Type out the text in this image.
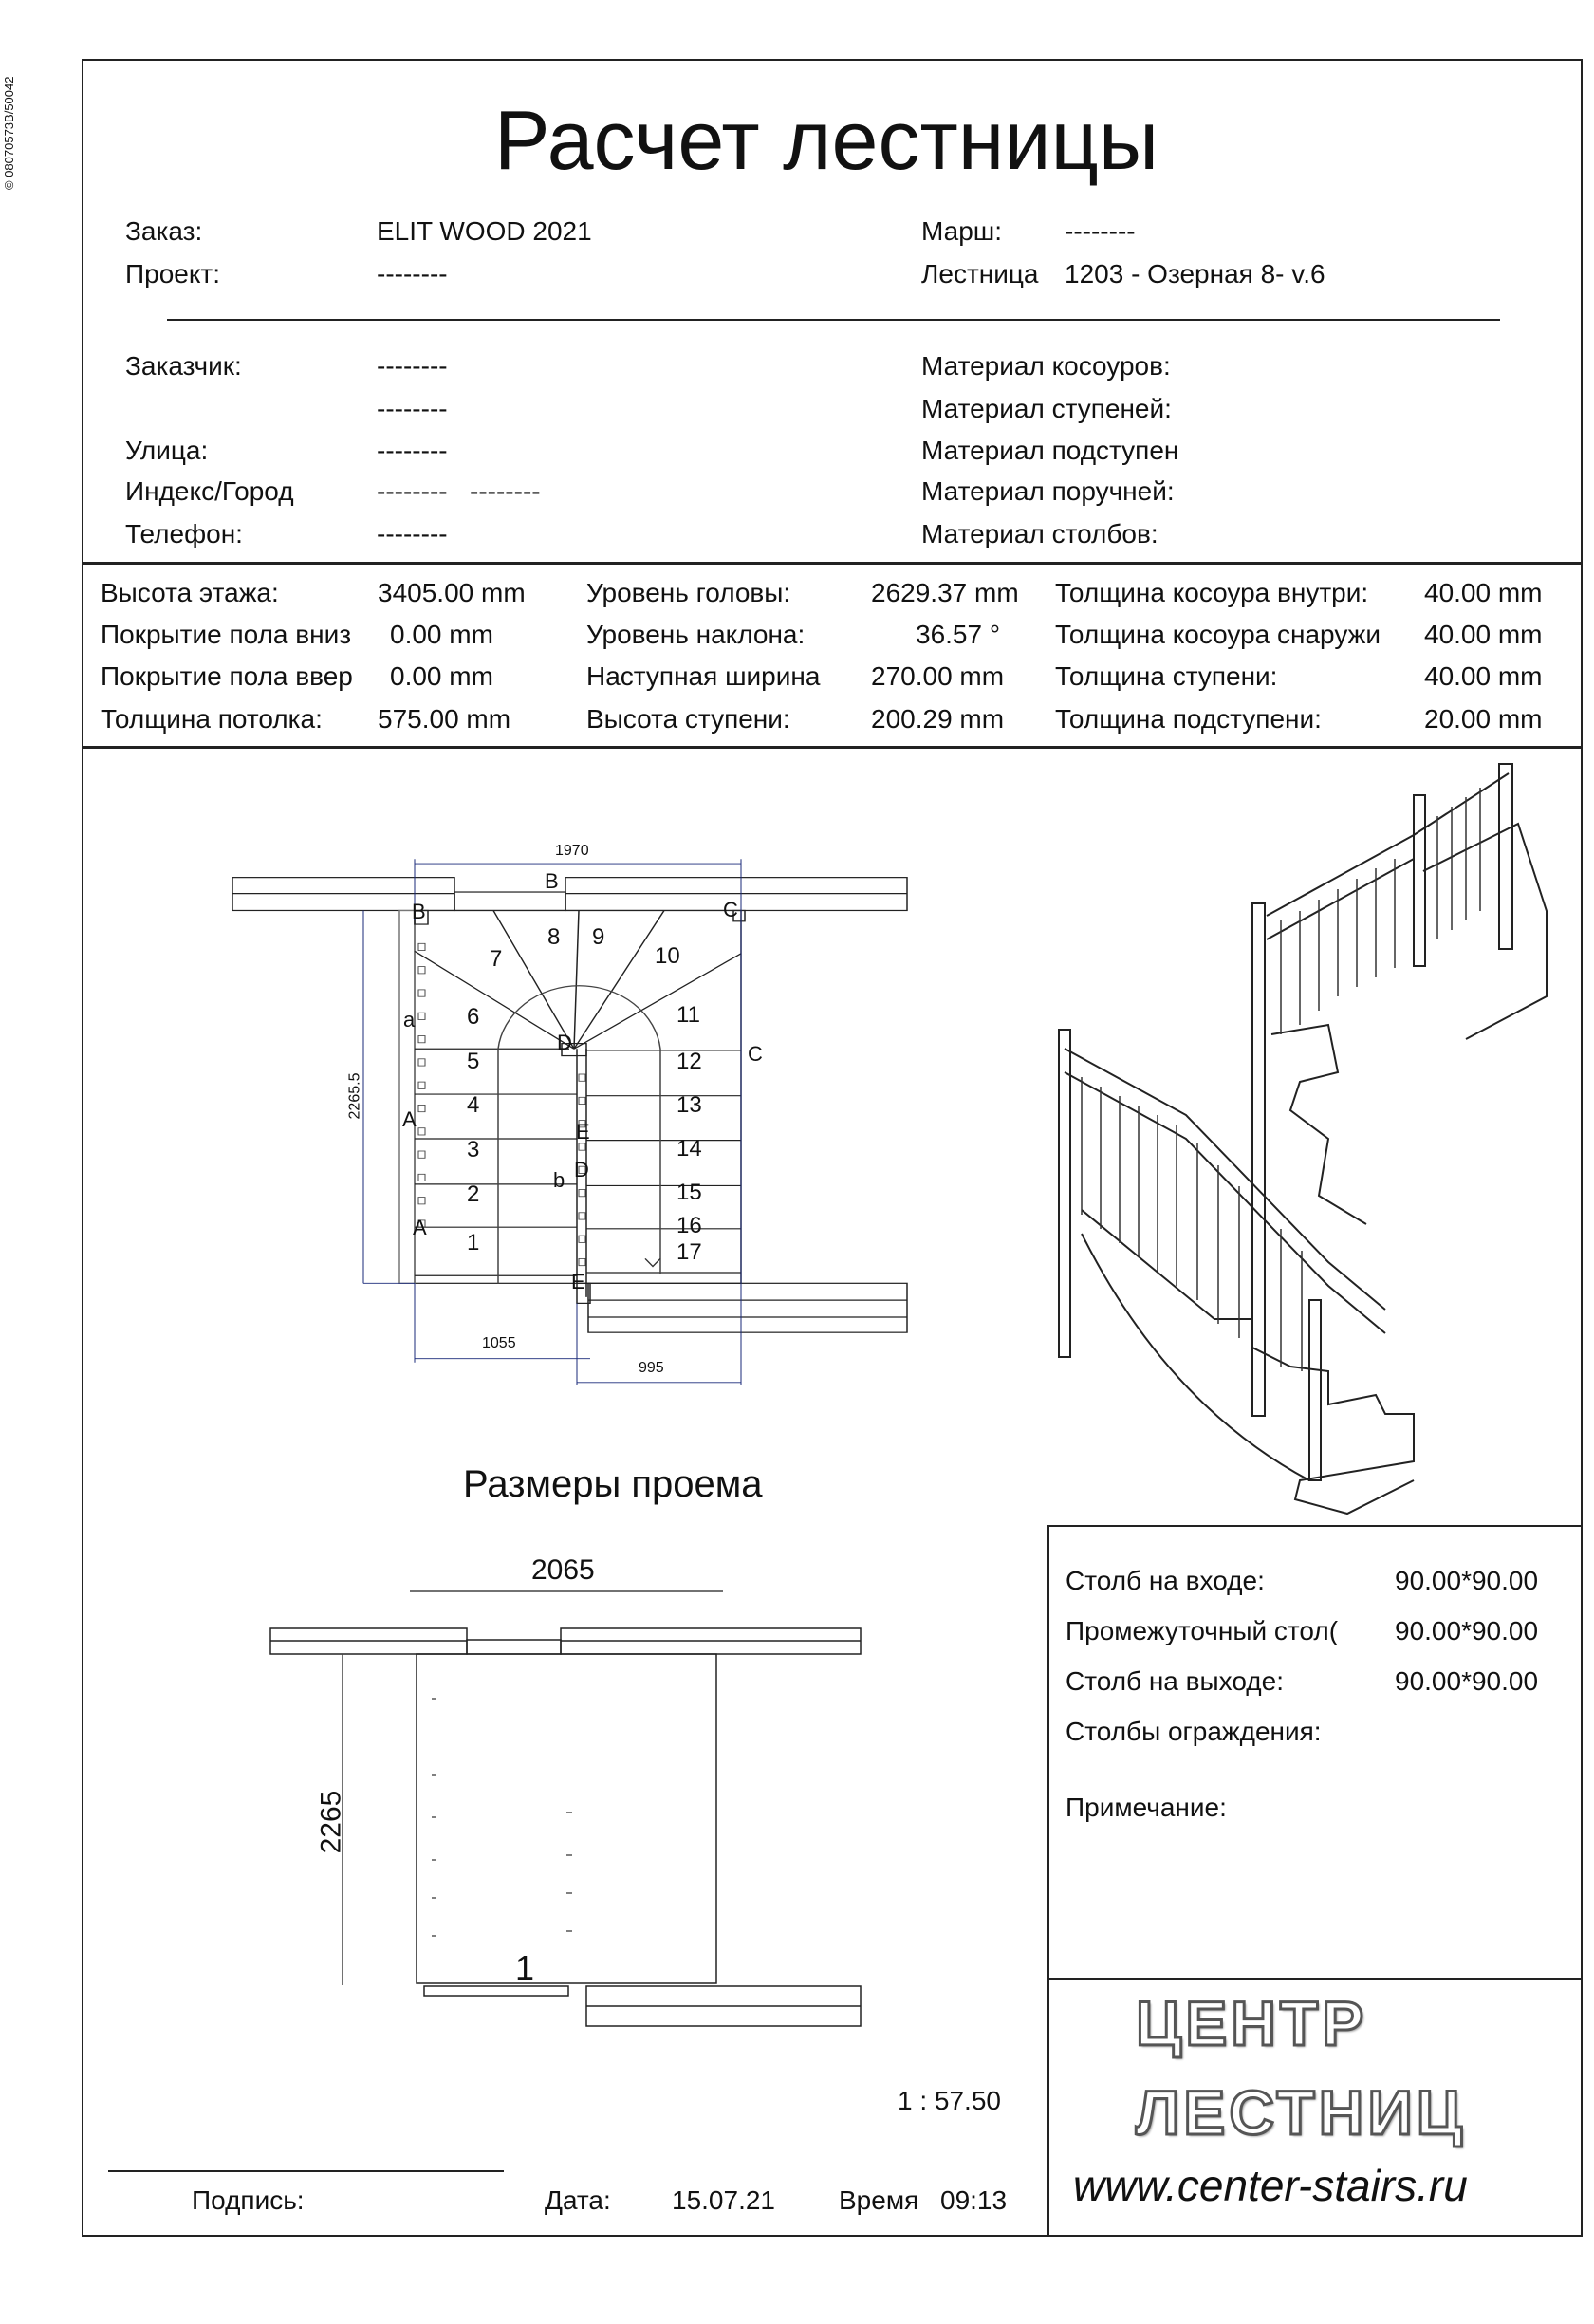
© 08070573B/50042	Расчет лестницы
Заказ:	ELIT WOOD 2021
Проект:	--------
Марш: --------
Лестница 1203 - Озерная 8- v.6
Заказчик:	--------
--------
Улица:	--------
Индекс/Город	-------- --------
Телефон:	--------
Материал косоуров:
Материал ступеней:
Материал подступен
Материал поручней:
Материал столбов:
Высота этажа:	3405.00 mm Уровень головы:	2629.37 mm Толщина косоура внутри: 40.00 mm
Покрытие пола вниз 0.00 mm	Уровень наклона:	36.57 ° Толщина косоура снаружи 40.00 mm
Покрытие пола ввер 0.00 mm	Наступная ширина 270.00 mm Толщина ступени:	40.00 mm
Толщина потолка: 575.00 mm	Высота ступени:	200.29 mm Толщина подступени:	20.00 mm
1970
2265.5
1055
995
1
2
3
4
5
6
7
8 9
10
11
12
13
14
15
16
17
B
B	C
C
a
D
A
E
b D
A
E
Размеры проема
2065
2265
1
1 : 57.50
Столб на входе:	90.00*90.00
Промежуточный стол( 90.00*90.00
Столб на выходе:	90.00*90.00
Столбы ограждения:
Примечание:
ЦЕНТР
ЛЕСТНИЦ
www.center-stairs.ru
Подпись:	Дата: 15.07.21 Время 09:13
